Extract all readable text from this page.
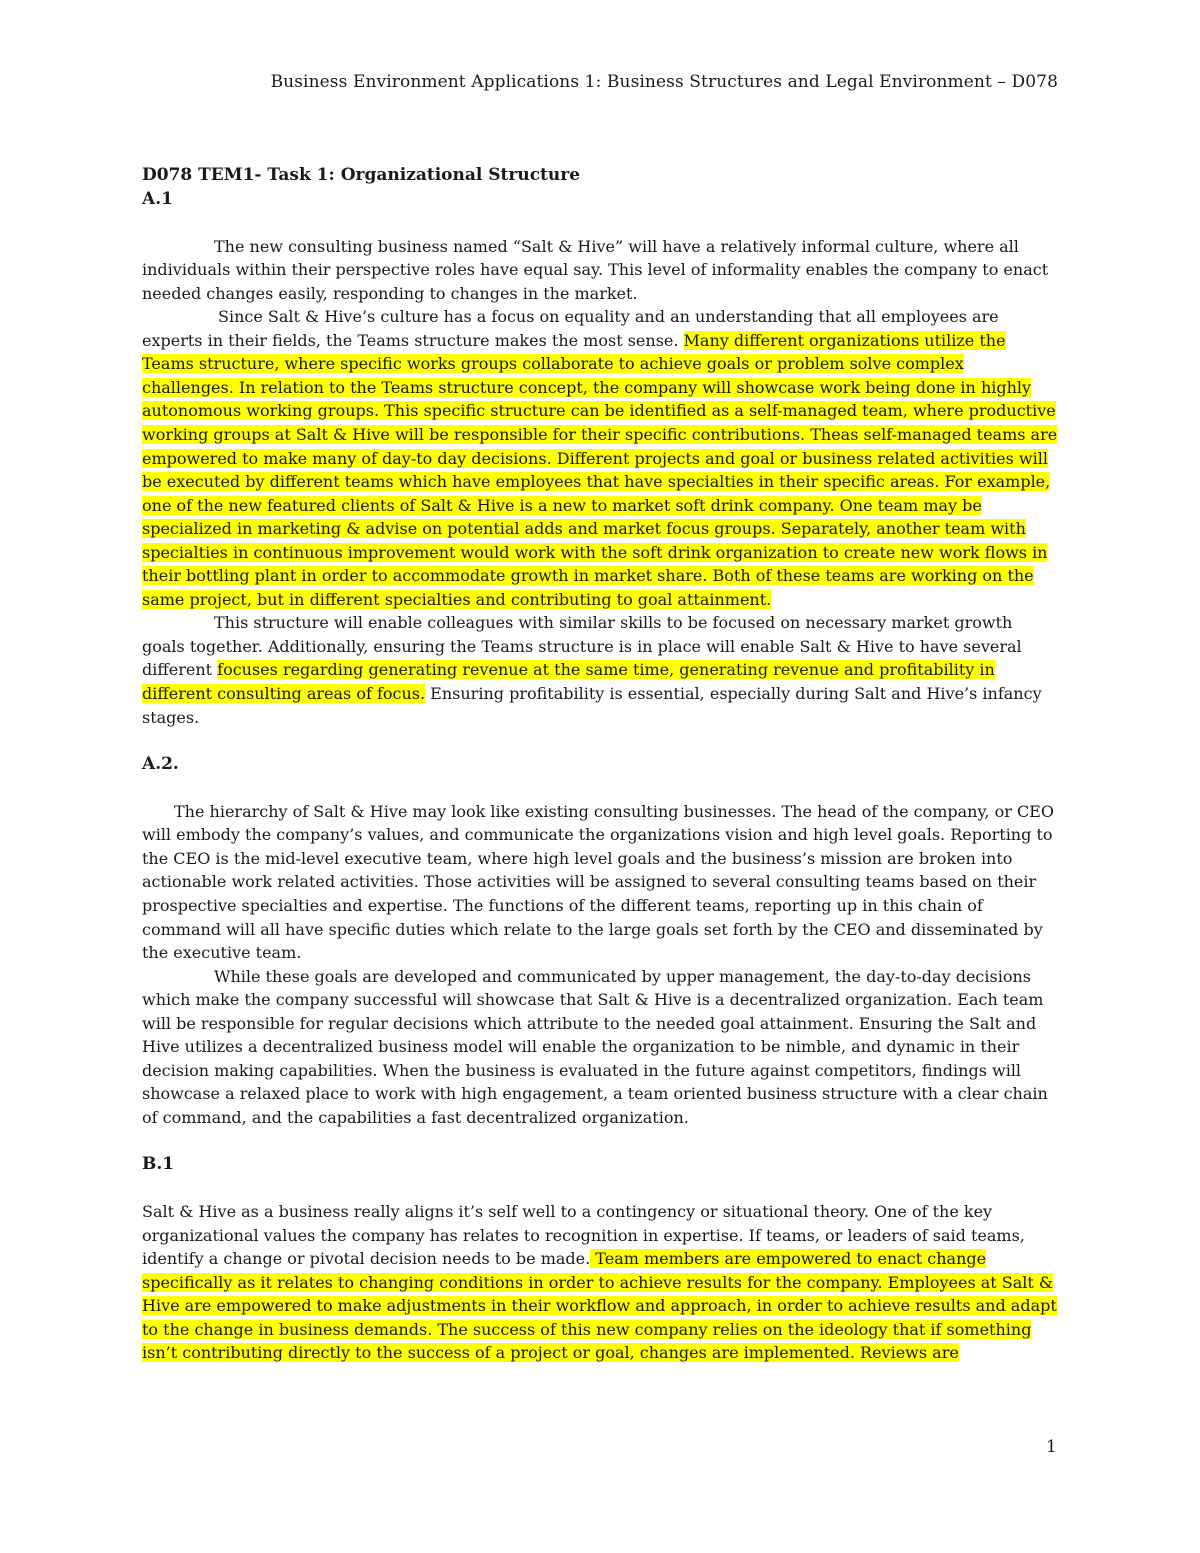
Business Environment Applications 1: Business Structures and Legal Environment – D078

D078 TEM1- Task 1: Organizational Structure

A.1

The new consulting business named “Salt & Hive” will have a relatively informal culture, where all individuals within their perspective roles have equal say. This level of informality enables the company to enact needed changes easily, responding to changes in the market.

Since Salt & Hive’s culture has a focus on equality and an understanding that all employees are experts in their fields, the Teams structure makes the most sense. Many different organizations utilize the Teams structure, where specific works groups collaborate to achieve goals or problem solve complex challenges. In relation to the Teams structure concept, the company will showcase work being done in highly autonomous working groups. This specific structure can be identified as a self-managed team, where productive working groups at Salt & Hive will be responsible for their specific contributions. Theas self-managed teams are empowered to make many of day-to day decisions. Different projects and goal or business related activities will be executed by different teams which have employees that have specialties in their specific areas. For example, one of the new featured clients of Salt & Hive is a new to market soft drink company. One team may be specialized in marketing & advise on potential adds and market focus groups. Separately, another team with specialties in continuous improvement would work with the soft drink organization to create new work flows in their bottling plant in order to accommodate growth in market share. Both of these teams are working on the same project, but in different specialties and contributing to goal attainment.

This structure will enable colleagues with similar skills to be focused on necessary market growth goals together. Additionally, ensuring the Teams structure is in place will enable Salt & Hive to have several different focuses regarding generating revenue at the same time, generating revenue and profitability in different consulting areas of focus. Ensuring profitability is essential, especially during Salt and Hive’s infancy stages.

A.2.

The hierarchy of Salt & Hive may look like existing consulting businesses. The head of the company, or CEO will embody the company’s values, and communicate the organizations vision and high level goals. Reporting to the CEO is the mid-level executive team, where high level goals and the business’s mission are broken into actionable work related activities. Those activities will be assigned to several consulting teams based on their prospective specialties and expertise. The functions of the different teams, reporting up in this chain of command will all have specific duties which relate to the large goals set forth by the CEO and disseminated by the executive team.

While these goals are developed and communicated by upper management, the day-to-day decisions which make the company successful will showcase that Salt & Hive is a decentralized organization. Each team will be responsible for regular decisions which attribute to the needed goal attainment. Ensuring the Salt and Hive utilizes a decentralized business model will enable the organization to be nimble, and dynamic in their decision making capabilities. When the business is evaluated in the future against competitors, findings will showcase a relaxed place to work with high engagement, a team oriented business structure with a clear chain of command, and the capabilities a fast decentralized organization.

B.1

Salt & Hive as a business really aligns it’s self well to a contingency or situational theory. One of the key organizational values the company has relates to recognition in expertise. If teams, or leaders of said teams, identify a change or pivotal decision needs to be made. Team members are empowered to enact change specifically as it relates to changing conditions in order to achieve results for the company. Employees at Salt & Hive are empowered to make adjustments in their workflow and approach, in order to achieve results and adapt to the change in business demands. The success of this new company relies on the ideology that if something isn’t contributing directly to the success of a project or goal, changes are implemented. Reviews are

1
